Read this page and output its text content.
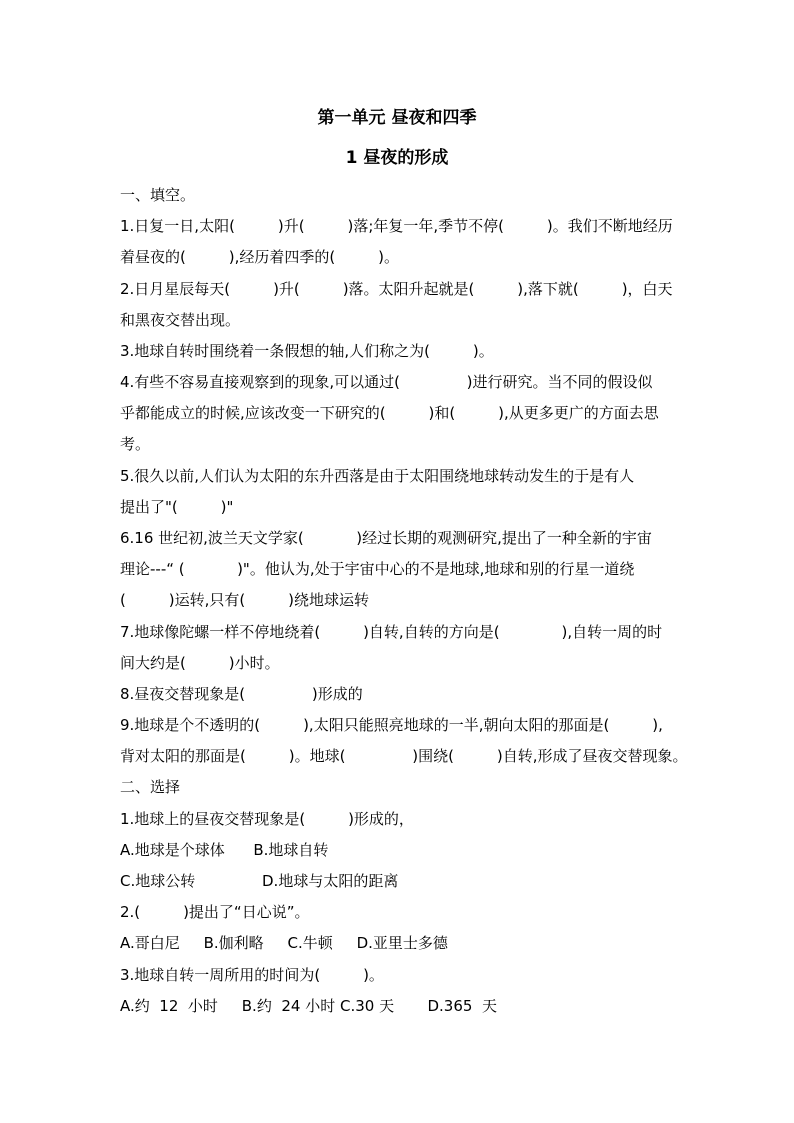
第一单元 昼夜和四季
1 昼夜的形成
一、填空。
1.日复一日,太阳(         )升(         )落;年复一年,季节不停(         )。我们不断地经历
着昼夜的(         ),经历着四季的(         )。
2.日月星辰每天(         )升(         )落。太阳升起就是(         ),落下就(         )，白天
和黑夜交替出现。
3.地球自转时围绕着一条假想的轴,人们称之为(         )。
4.有些不容易直接观察到的现象,可以通过(              )进行研究。当不同的假设似
乎都能成立的时候,应该改变一下研究的(         )和(         ),从更多更广的方面去思
考。
5.很久以前,人们认为太阳的东升西落是由于太阳围绕地球转动发生的于是有人
提出了"(         )"
6.16 世纪初,波兰天文学家(           )经过长期的观测研究,提出了一种全新的宇宙
理论---“ (           )"。他认为,处于宇宙中心的不是地球,地球和别的行星一道绕
(         )运转,只有(         )绕地球运转
7.地球像陀螺一样不停地绕着(         )自转,自转的方向是(             ),自转一周的时
间大约是(         )小时。
8.昼夜交替现象是(              )形成的
9.地球是个不透明的(         ),太阳只能照亮地球的一半,朝向太阳的那面是(         ),
背对太阳的那面是(         )。地球(              )围绕(         )自转,形成了昼夜交替现象。
二、选择
1.地球上的昼夜交替现象是(         )形成的，
A.地球是个球体      B.地球自转
C.地球公转              D.地球与太阳的距离
2.(         )提出了“日心说”。
A.哥白尼     B.伽利略     C.牛顿     D.亚里士多德
3.地球自转一周所用的时间为(         )。
A.约  12  小时     B.约  24 小时 C.30 天       D.365  天
